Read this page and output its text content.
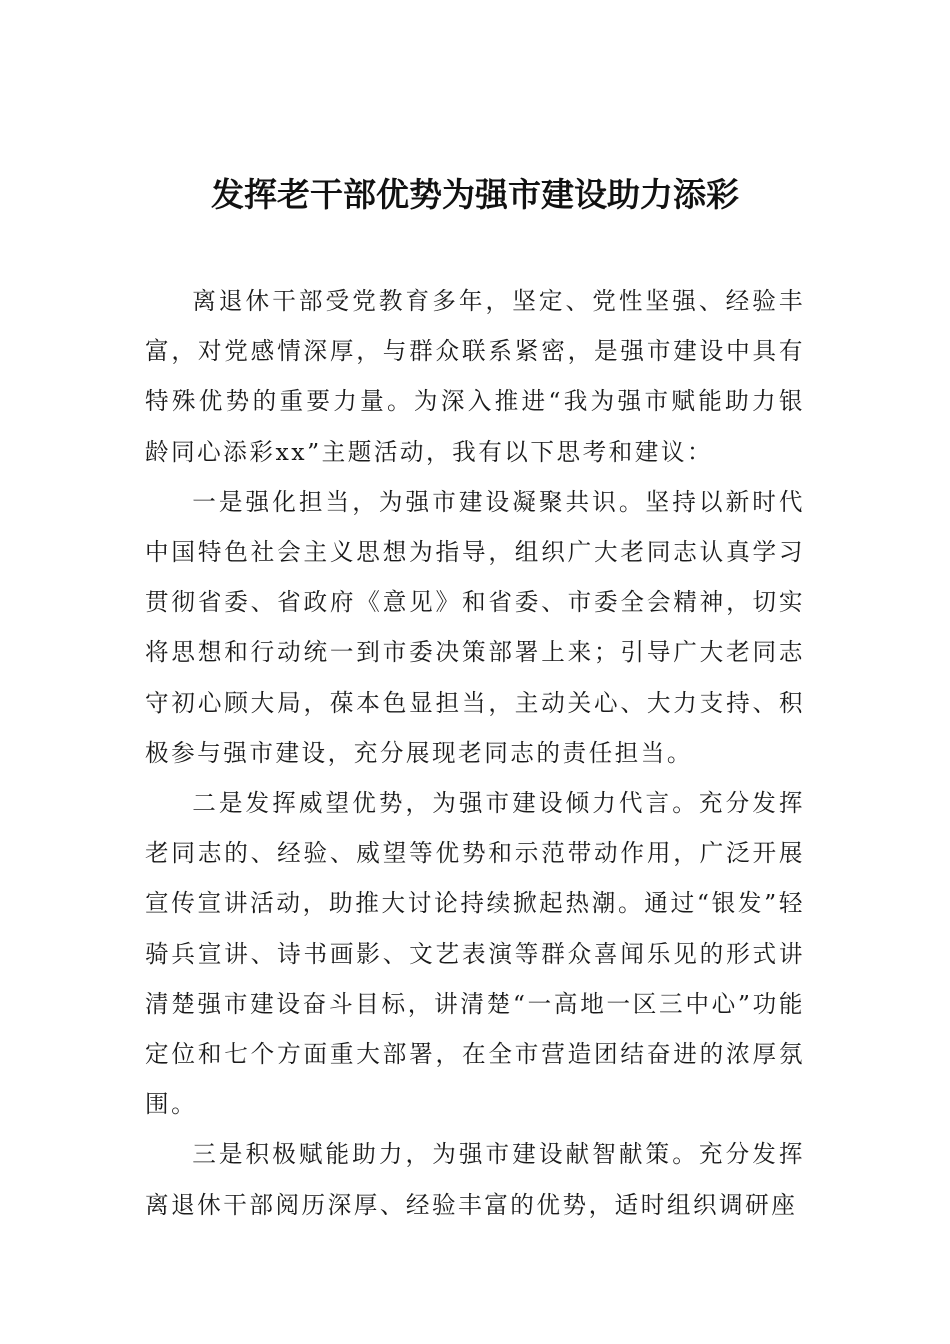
发挥老干部优势为强市建设助力添彩

离退休干部受党教育多年，坚定、党性坚强、经验丰富，对党感情深厚，与群众联系紧密，是强市建设中具有特殊优势的重要力量。为深入推进“我为强市赋能助力银龄同心添彩xx”主题活动，我有以下思考和建议：

一是强化担当，为强市建设凝聚共识。坚持以新时代中国特色社会主义思想为指导，组织广大老同志认真学习贯彻省委、省政府《意见》和省委、市委全会精神，切实将思想和行动统一到市委决策部署上来；引导广大老同志守初心顾大局，葆本色显担当，主动关心、大力支持、积极参与强市建设，充分展现老同志的责任担当。

二是发挥威望优势，为强市建设倾力代言。充分发挥老同志的、经验、威望等优势和示范带动作用，广泛开展宣传宣讲活动，助推大讨论持续掀起热潮。通过“银发”轻骑兵宣讲、诗书画影、文艺表演等群众喜闻乐见的形式讲清楚强市建设奋斗目标，讲清楚“一高地一区三中心”功能定位和七个方面重大部署，在全市营造团结奋进的浓厚氛围。

三是积极赋能助力，为强市建设献智献策。充分发挥离退休干部阅历深厚、经验丰富的优势，适时组织调研座
